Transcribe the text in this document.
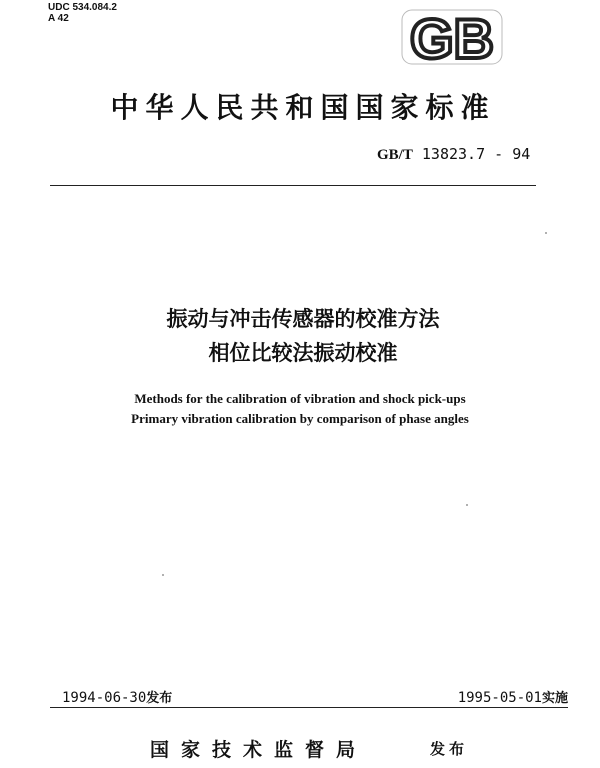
UDC 534.084.2
A 42	GB
中华人民共和国国家标准
GB/T 13823.7 - 94
振动与冲击传感器的校准方法
相位比较法振动校准
Methods for the calibration of vibration and shock pick-ups
Primary vibration calibration by comparison of phase angles
1994-06-30发布	1995-05-01实施
国家技术监督局	发布
